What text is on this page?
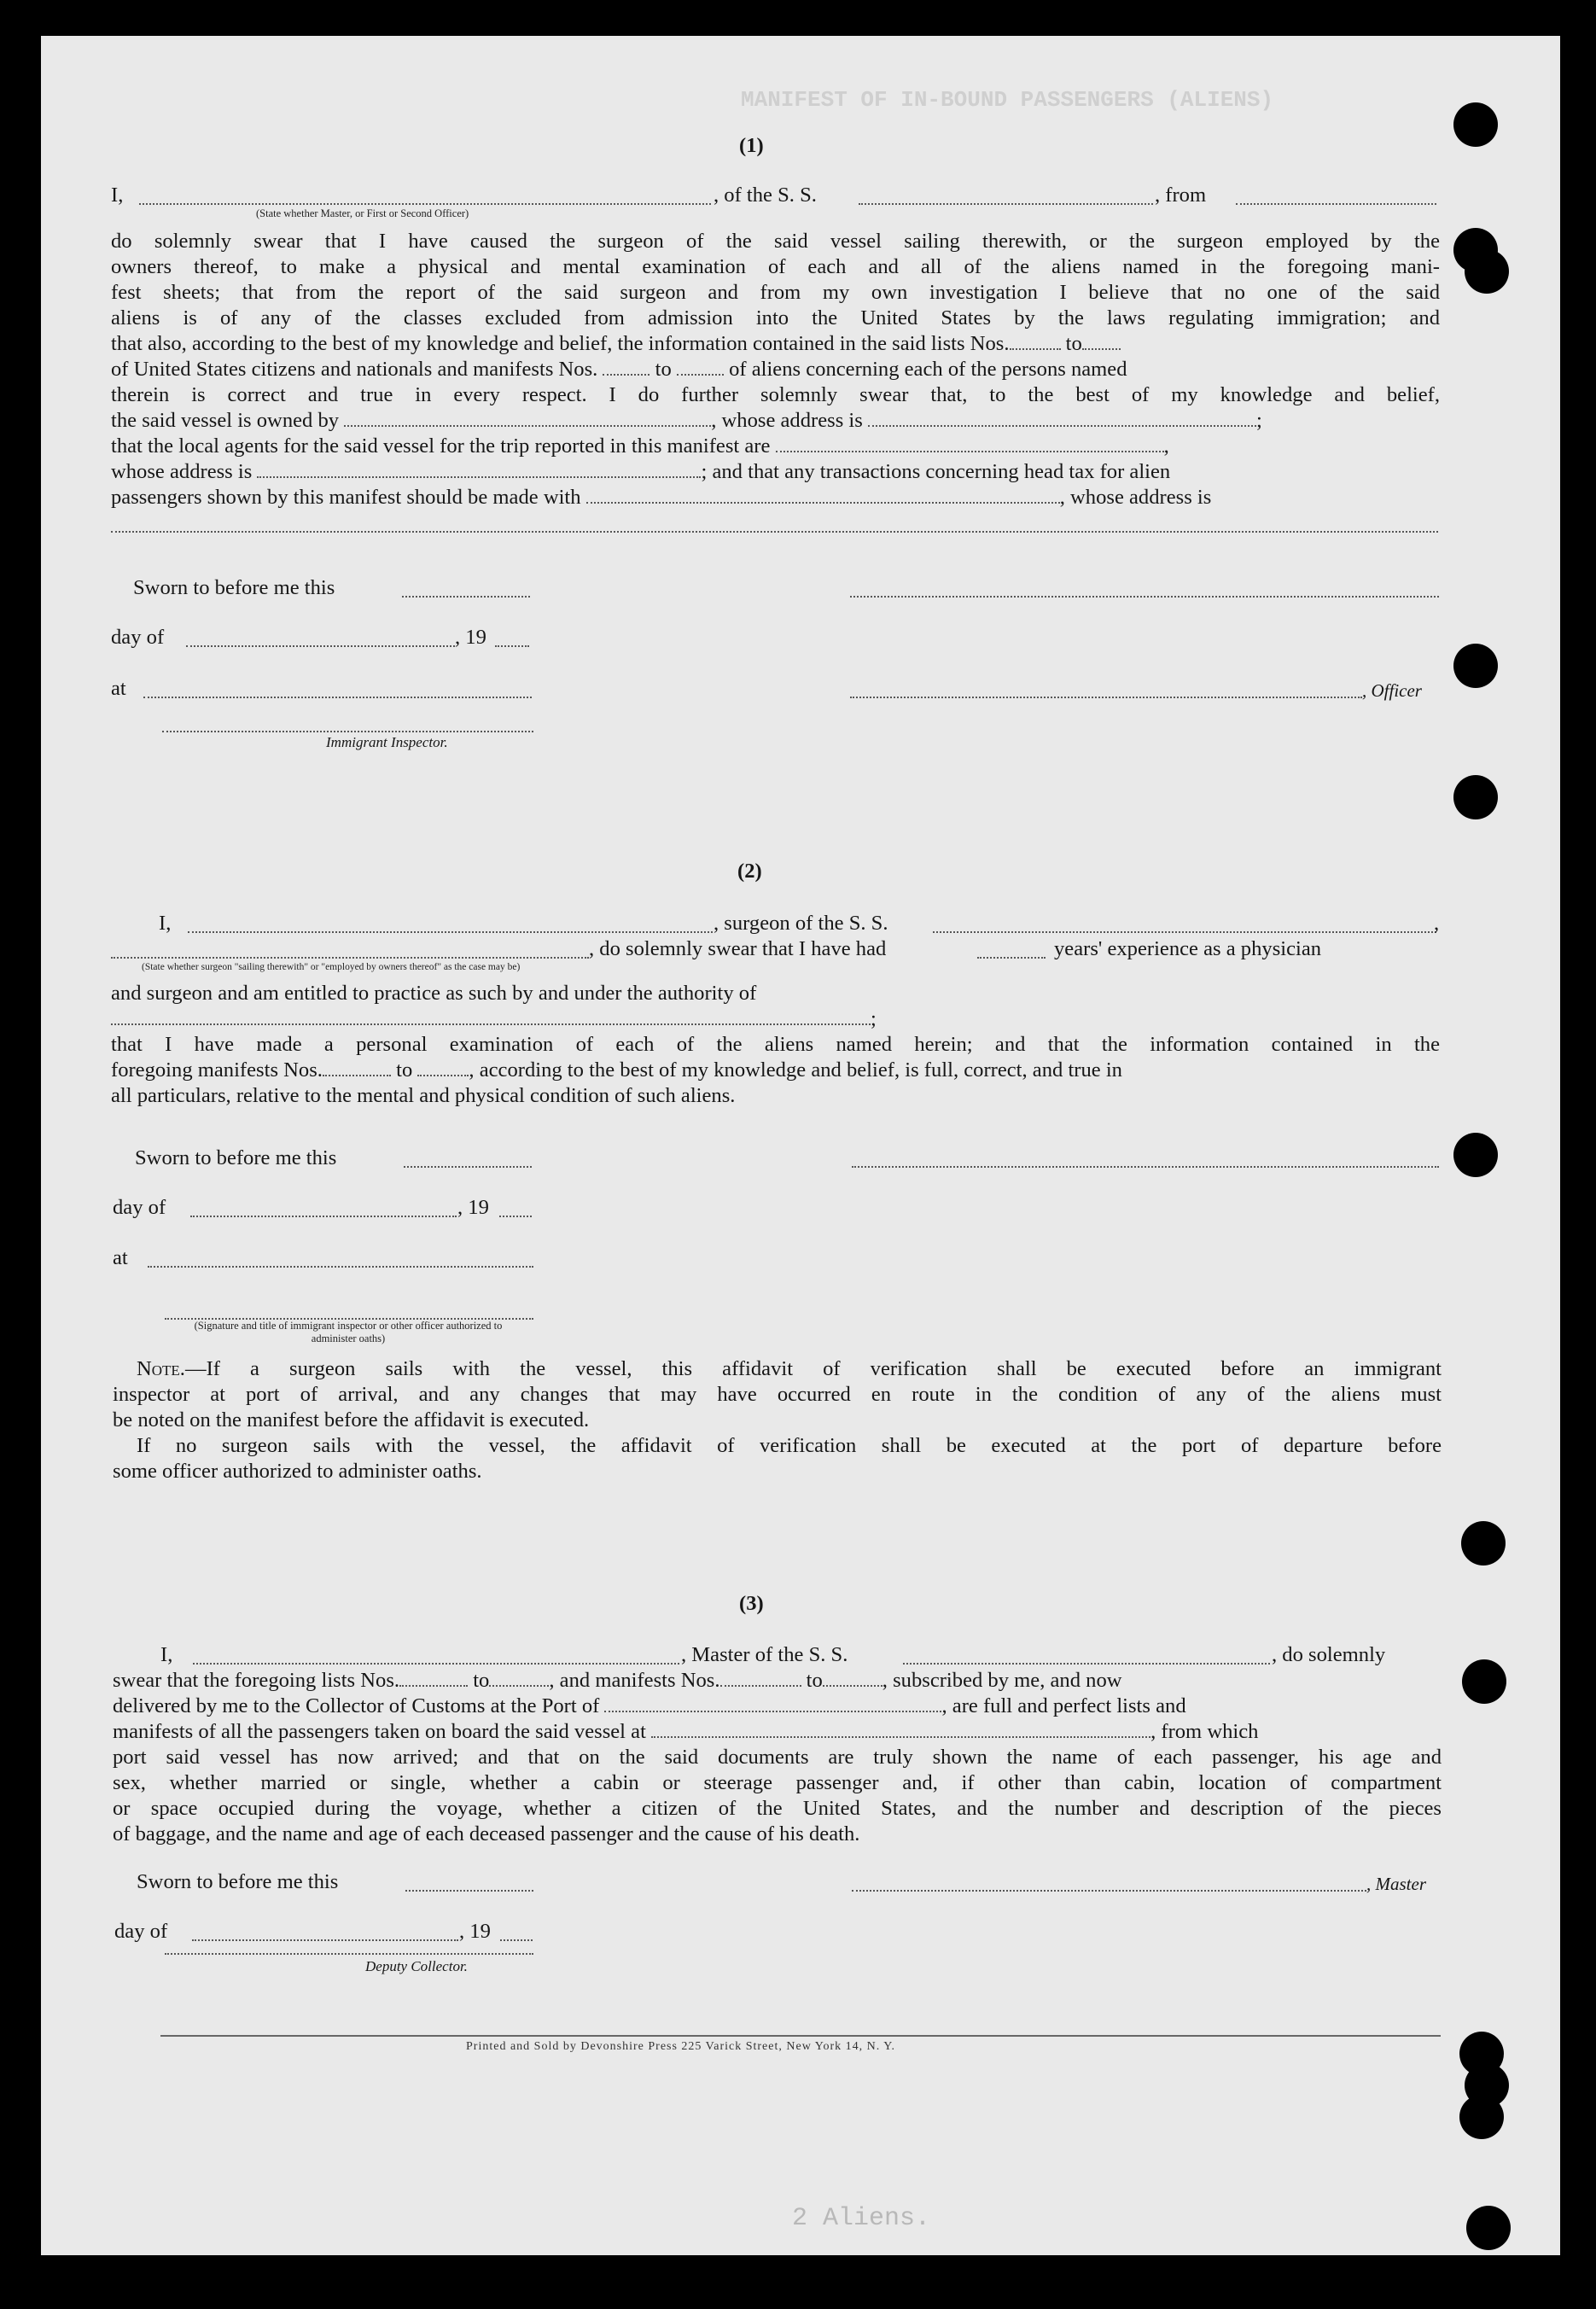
MANIFEST OF IN-BOUND PASSENGERS (ALIENS)
2 Aliens.
(1)
I,	, of the S. S.	, from
(State whether Master, or First or Second Officer)
do solemnly swear that I have caused the surgeon of the said vessel sailing therewith, or the surgeon employed by the
owners thereof, to make a physical and mental examination of each and all of the aliens named in the foregoing mani-
fest sheets; that from the report of the said surgeon and from my own investigation I believe that no one of the said
aliens is of any of the classes excluded from admission into the United States by the laws regulating immigration; and
that also, according to the best of my knowledge and belief, the information contained in the said lists Nos.	to
of United States citizens and nationals and manifests Nos.	to	of aliens concerning each of the persons named
therein is correct and true in every respect. I do further solemnly swear that, to the best of my knowledge and belief,
the said vessel is owned by	, whose address is	;
that the local agents for the said vessel for the trip reported in this manifest are	,
whose address is	; and that any transactions concerning head tax for alien
passengers shown by this manifest should be made with	, whose address is
Sworn to before me this
day of	, 19
at	, Officer
Immigrant Inspector.
(2)
I,	, surgeon of the S. S.	,
, do solemnly swear that I have had	years' experience as a physician
(State whether surgeon "sailing therewith" or "employed by owners thereof" as the case may be)
and surgeon and am entitled to practice as such by and under the authority of ;
that I have made a personal examination of each of the aliens named herein; and that the information contained in the
foregoing manifests Nos.	to	, according to the best of my knowledge and belief, is full, correct, and true in
all particulars, relative to the mental and physical condition of such aliens.
Sworn to before me this
day of	, 19
at
(Signature and title of immigrant inspector or other officer authorized to administer oaths)
Note.—If a surgeon sails with the vessel, this affidavit of verification shall be executed before an immigrant
inspector at port of arrival, and any changes that may have occurred en route in the condition of any of the aliens must
be noted on the manifest before the affidavit is executed.
If no surgeon sails with the vessel, the affidavit of verification shall be executed at the port of departure before
some officer authorized to administer oaths.
(3)
I,	, Master of the S. S.	, do solemnly
swear that the foregoing lists Nos.	to	, and manifests Nos.	to	, subscribed by me, and now
delivered by me to the Collector of Customs at the Port of	, are full and perfect lists and
manifests of all the passengers taken on board the said vessel at	, from which
port said vessel has now arrived; and that on the said documents are truly shown the name of each passenger, his age and
sex, whether married or single, whether a cabin or steerage passenger and, if other than cabin, location of compartment
or space occupied during the voyage, whether a citizen of the United States, and the number and description of the pieces
of baggage, and the name and age of each deceased passenger and the cause of his death.
Sworn to before me this	, Master
day of	, 19
Deputy Collector.
Printed and Sold by Devonshire Press 225 Varick Street, New York 14, N. Y.
